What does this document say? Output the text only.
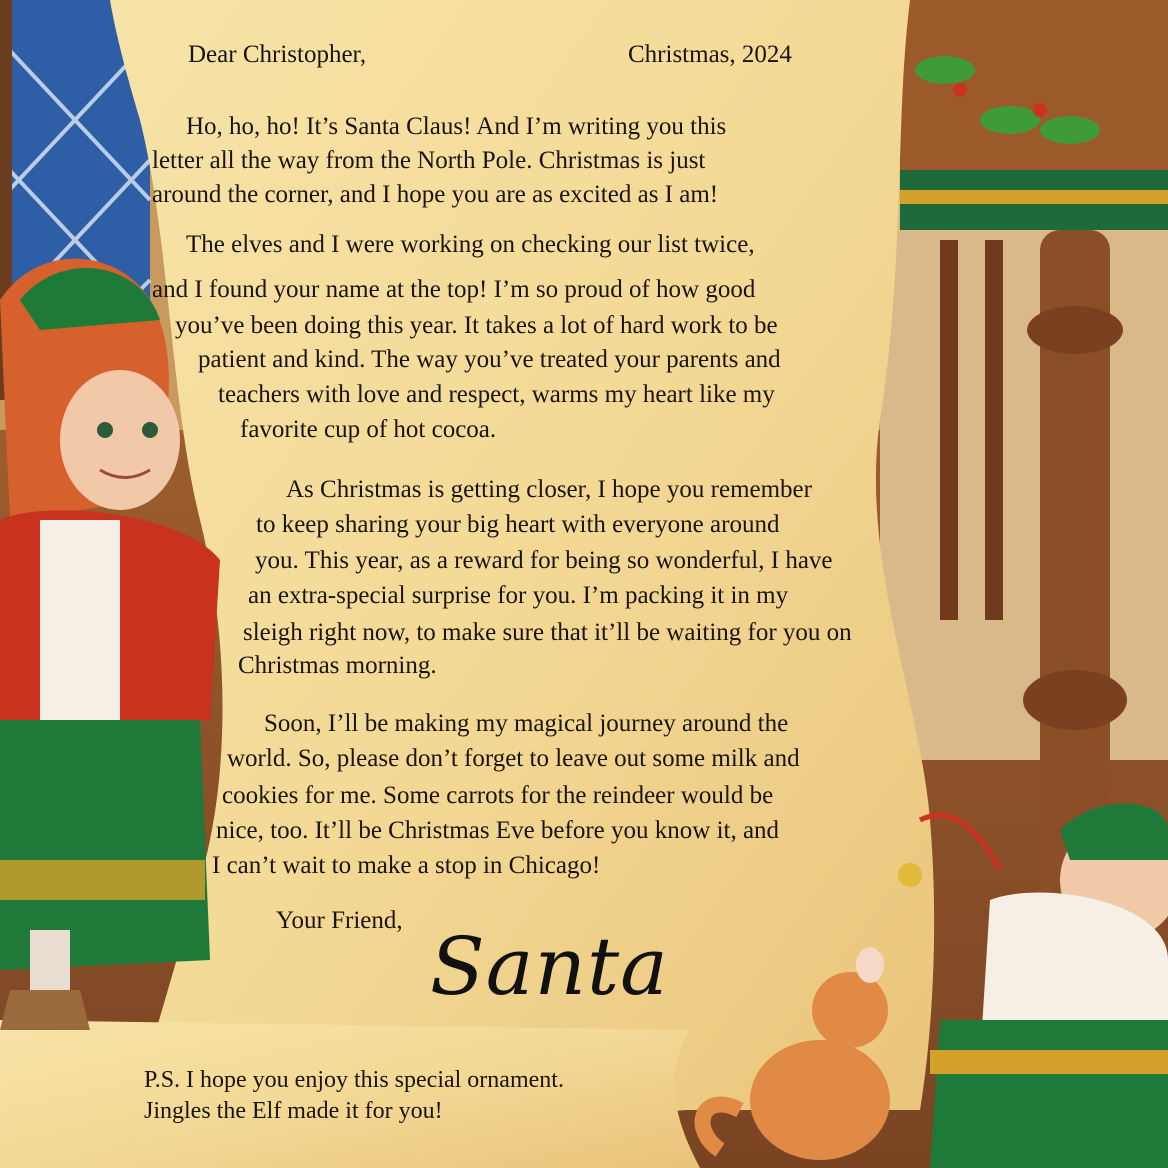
Dear Christopher,	Christmas, 2024
Ho, ho, ho! It’s Santa Claus! And I’m writing you this
letter all the way from the North Pole. Christmas is just
around the corner, and I hope you are as excited as I am!
The elves and I were working on checking our list twice,
and I found your name at the top! I’m so proud of how good
you’ve been doing this year. It takes a lot of hard work to be
patient and kind. The way you’ve treated your parents and
teachers with love and respect, warms my heart like my
favorite cup of hot cocoa.
As Christmas is getting closer, I hope you remember
to keep sharing your big heart with everyone around
you. This year, as a reward for being so wonderful, I have
an extra-special surprise for you. I’m packing it in my
sleigh right now, to make sure that it’ll be waiting for you on
Christmas morning.
Soon, I’ll be making my magical journey around the
world. So, please don’t forget to leave out some milk and
cookies for me. Some carrots for the reindeer would be
nice, too. It’ll be Christmas Eve before you know it, and
I can’t wait to make a stop in Chicago!
Your Friend, Santa
P.S. I hope you enjoy this special ornament.
Jingles the Elf made it for you!
